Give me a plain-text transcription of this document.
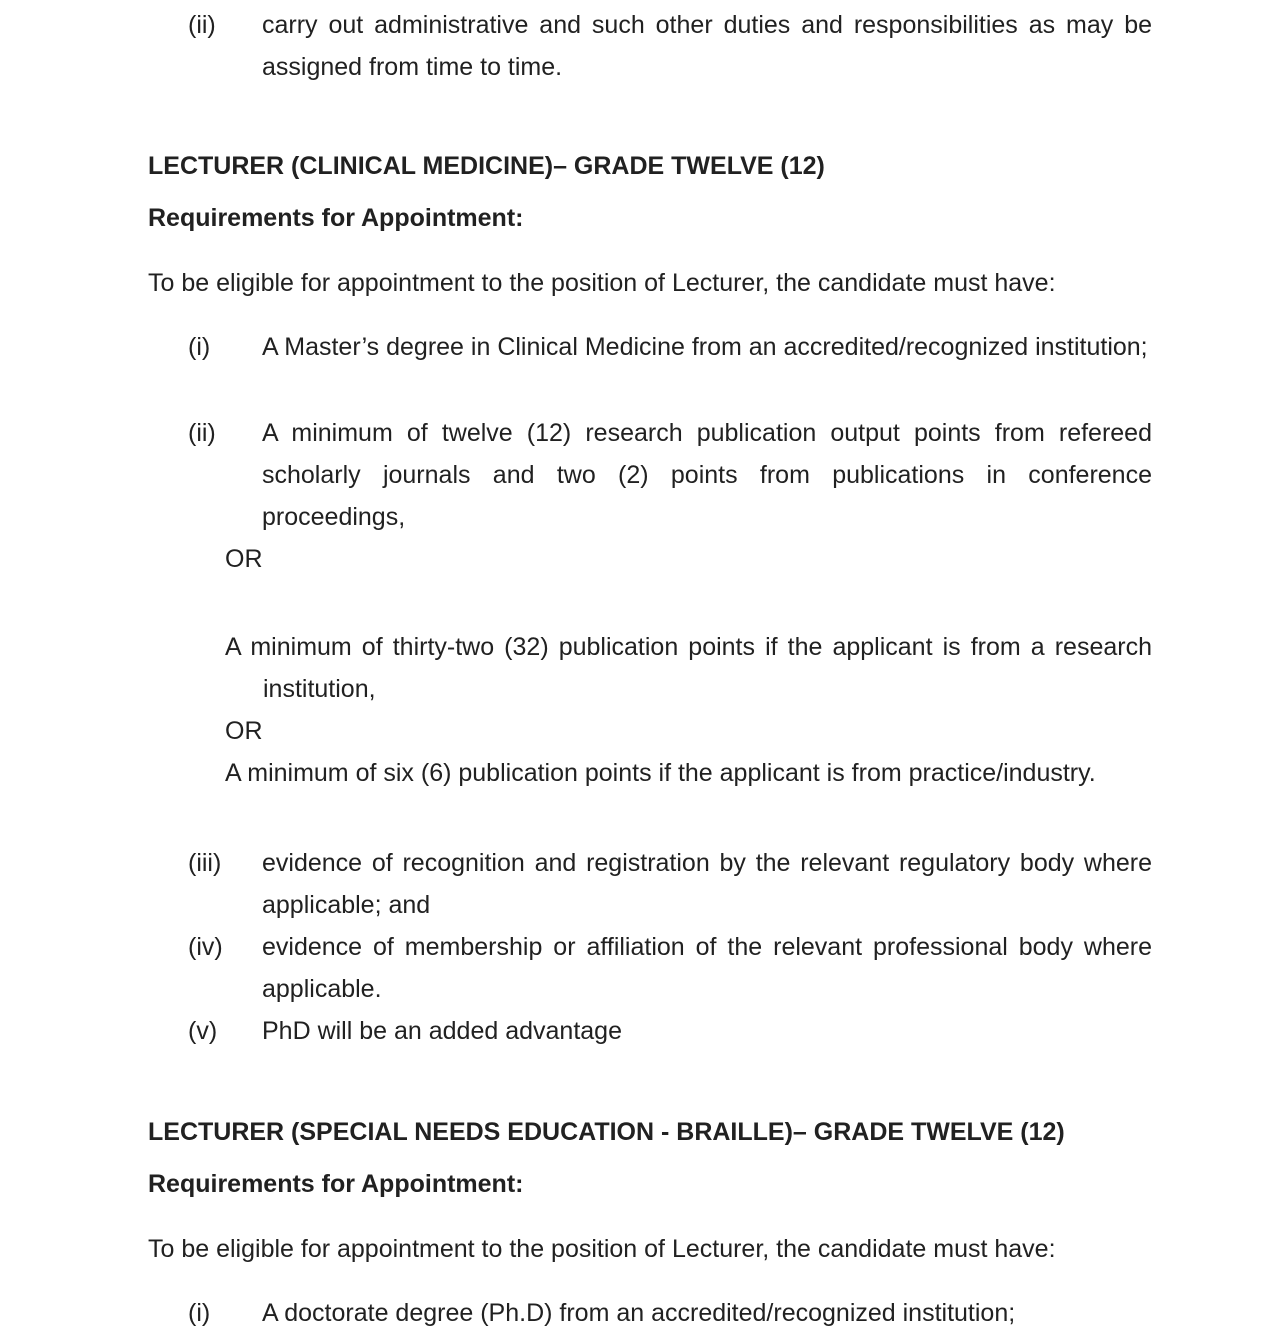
(ii) carry out administrative and such other duties and responsibilities as may be assigned from time to time.
LECTURER (CLINICAL MEDICINE)– GRADE TWELVE (12)
Requirements for Appointment:
To be eligible for appointment to the position of Lecturer, the candidate must have:
(i) A Master’s degree in Clinical Medicine from an accredited/recognized institution;
(ii) A minimum of twelve (12) research publication output points from refereed scholarly journals and two (2) points from publications in conference proceedings,
OR

A minimum of thirty-two (32) publication points if the applicant is from a research institution,

OR

A minimum of six (6) publication points if the applicant is from practice/industry.

(iii) evidence of recognition and registration by the relevant regulatory body where applicable; and
(iv) evidence of membership or affiliation of the relevant professional body where applicable.
(v) PhD will be an added advantage
LECTURER (SPECIAL NEEDS EDUCATION - BRAILLE)– GRADE TWELVE (12)
Requirements for Appointment:
To be eligible for appointment to the position of Lecturer, the candidate must have:
(i) A doctorate degree (Ph.D) from an accredited/recognized institution;
